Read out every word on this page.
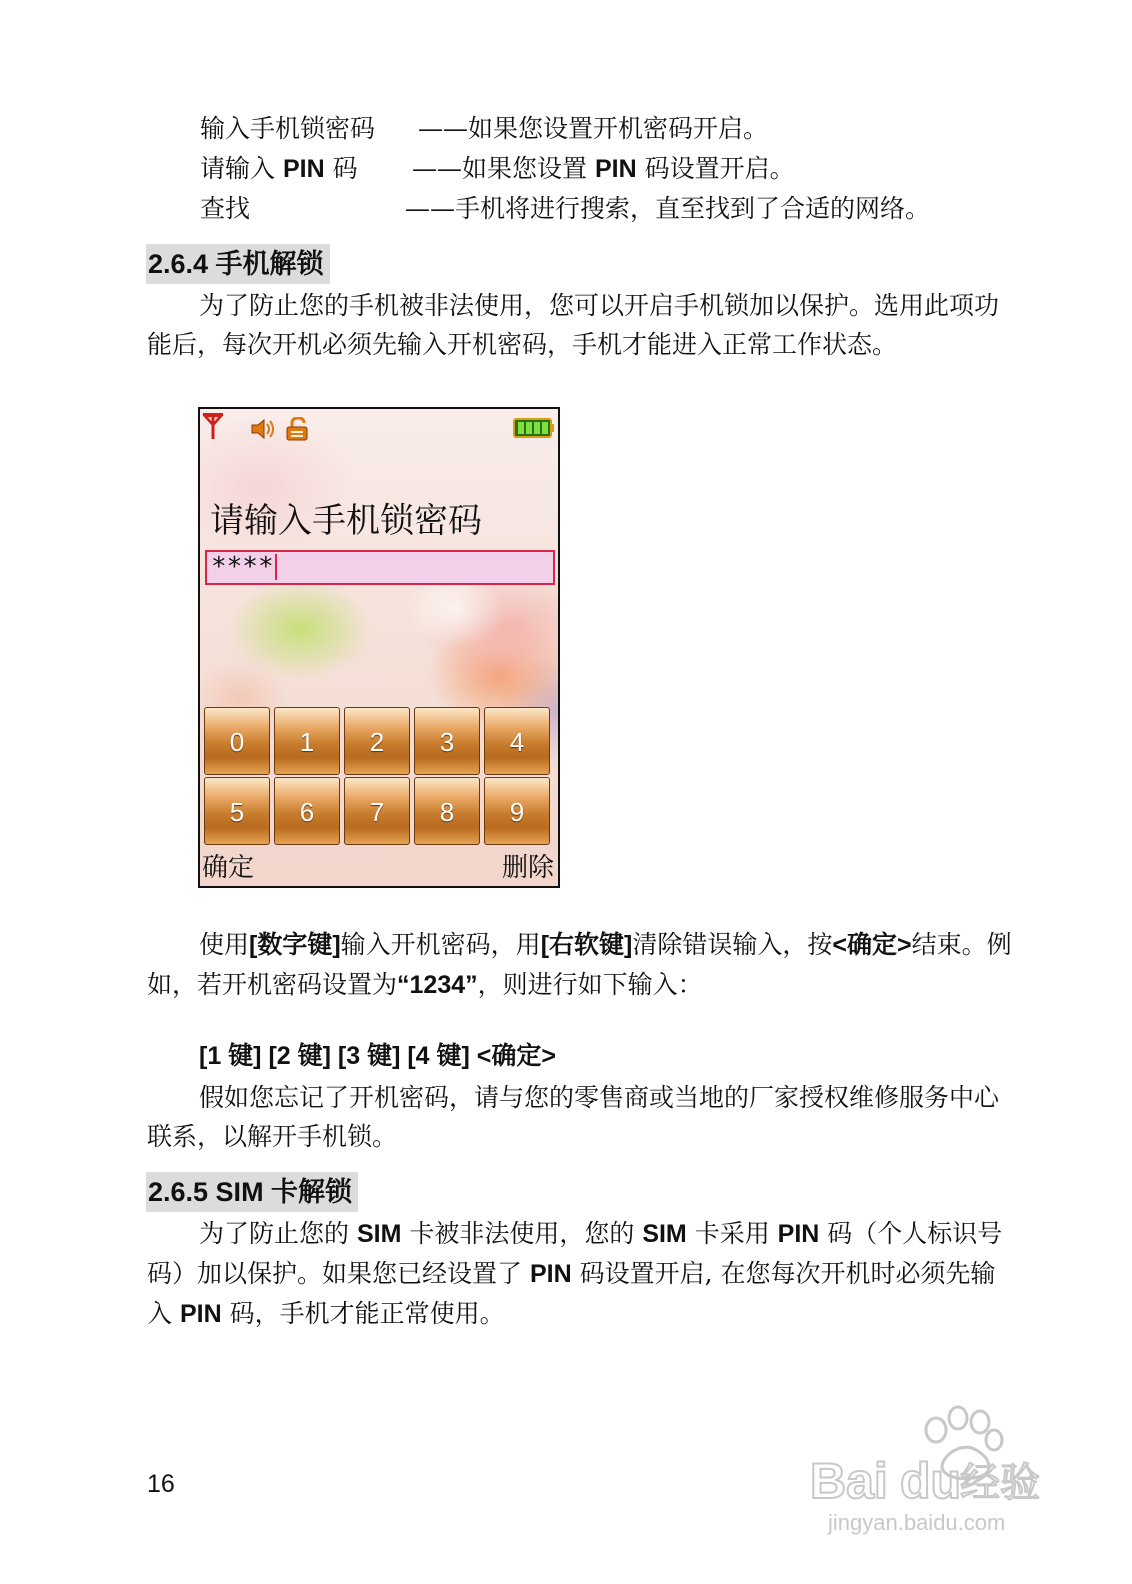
输入手机锁密码 ——如果您设置开机密码开启。
请输入 PIN 码 ——如果您设置 PIN 码设置开启。
查找	——手机将进行搜索，直至找到了合适的网络。
2.6.4 手机解锁
为了防止您的手机被非法使用，您可以开启手机锁加以保护。选用此项功能后，每次开机必须先输入开机密码，手机才能进入正常工作状态。
请输入手机锁密码
****
0	1	2	3	4
5	6	7	8	9
确定	删除
使用[数字键]输入开机密码，用[右软键]清除错误输入，按<确定>结束。例如，若开机密码设置为“1234”，则进行如下输入：
[1 键] [2 键] [3 键] [4 键] <确定>
假如您忘记了开机密码，请与您的零售商或当地的厂家授权维修服务中心联系，以解开手机锁。
2.6.5 SIM 卡解锁
为了防止您的 SIM 卡被非法使用，您的 SIM 卡采用 PIN 码（个人标识号码）加以保护。如果您已经设置了 PIN 码设置开启, 在您每次开机时必须先输入 PIN 码，手机才能正常使用。
16	Bai du
经验
jingyan.baidu.com
